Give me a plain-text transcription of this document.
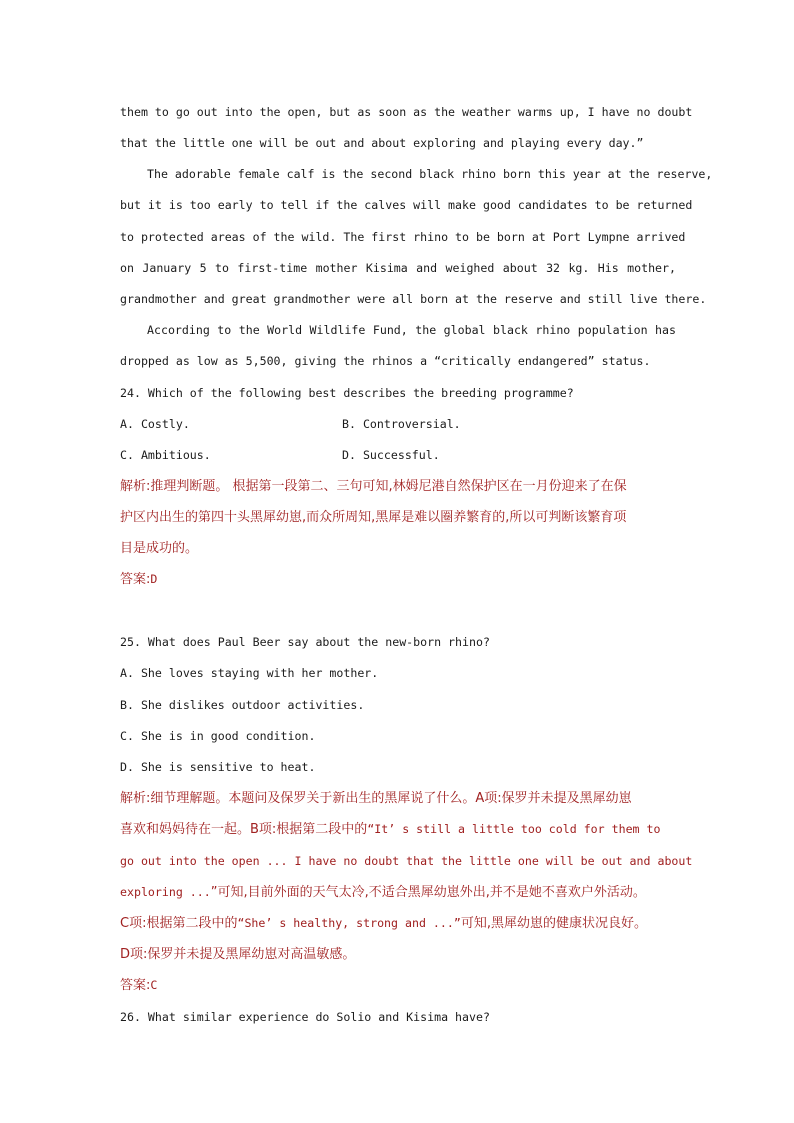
them to go out into the open, but as soon as the weather warms up, I have no doubt
that the little one will be out and about exploring and playing every day.”
The adorable female calf is the second black rhino born this year at the reserve,
but it is too early to tell if the calves will make good candidates to be returned
to protected areas of the wild. The first rhino to be born at Port Lympne arrived
on January 5 to first-time mother Kisima and weighed about 32 kg. His mother,
grandmother and great grandmother were all born at the reserve and still live there.
According to the World Wildlife Fund, the global black rhino population has
dropped as low as 5,500, giving the rhinos a “critically endangered” status.
24. Which of the following best describes the breeding programme?
A. Costly.	B. Controversial.
C. Ambitious.	D. Successful.
解析:推理判断题。 根据第一段第二、三句可知,林姆尼港自然保护区在一月份迎来了在保
护区内出生的第四十头黑犀幼崽,而众所周知,黑犀是难以圈养繁育的,所以可判断该繁育项
目是成功的。
答案:D
25. What does Paul Beer say about the new-born rhino?
A. She loves staying with her mother.
B. She dislikes outdoor activities.
C. She is in good condition.
D. She is sensitive to heat.
解析:细节理解题。本题问及保罗关于新出生的黑犀说了什么。A项:保罗并未提及黑犀幼崽
喜欢和妈妈待在一起。B项:根据第二段中的“It’ s still a little too cold for them to
go out into the open ... I have no doubt that the little one will be out and about
exploring ...”可知,目前外面的天气太冷,不适合黑犀幼崽外出,并不是她不喜欢户外活动。
C项:根据第二段中的“She’ s healthy, strong and ...”可知,黑犀幼崽的健康状况良好。
D项:保罗并未提及黑犀幼崽对高温敏感。
答案:C
26. What similar experience do Solio and Kisima have?
